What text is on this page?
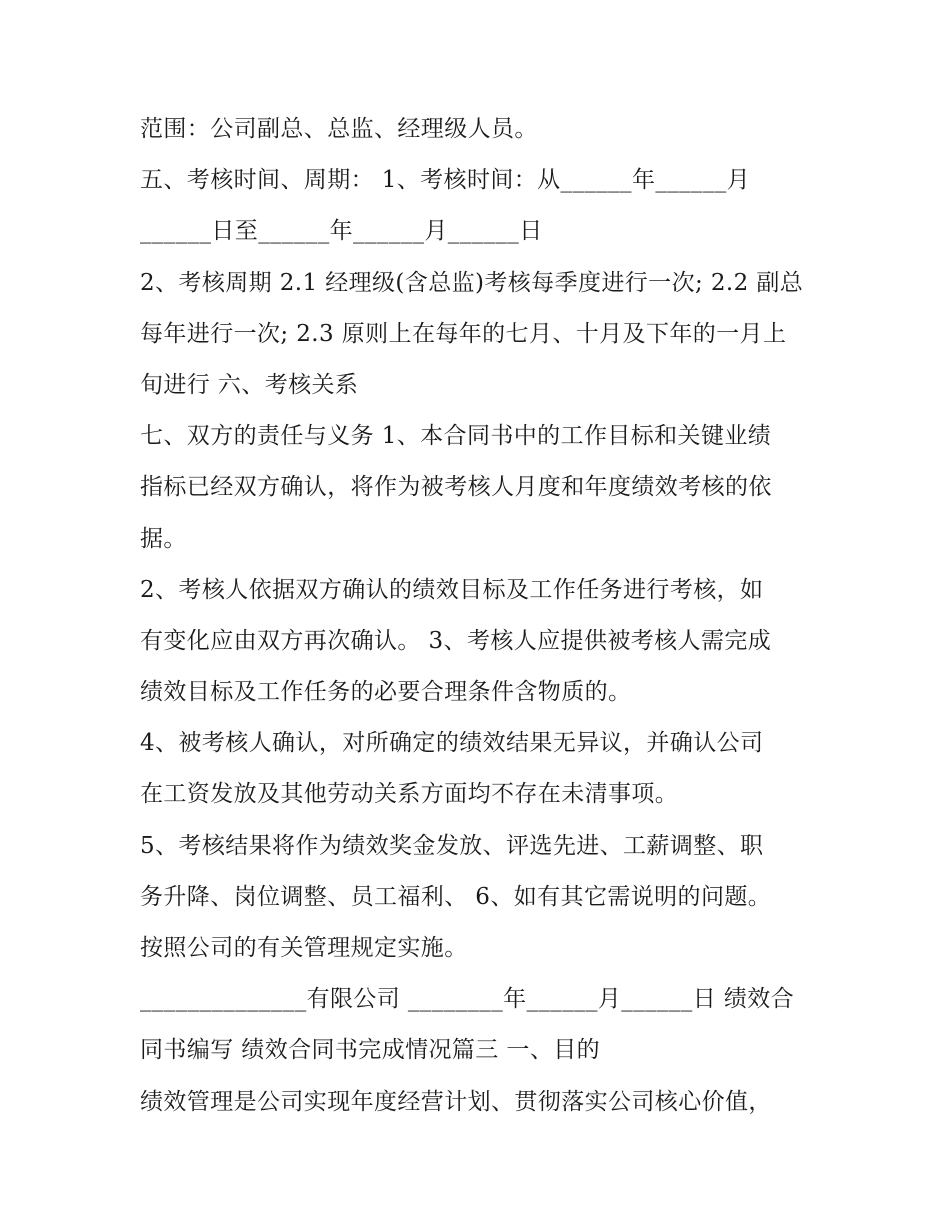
范围：公司副总、总监、经理级人员。
五、考核时间、周期： 1、考核时间：从______年______月
______日至______年______月______日
2、考核周期 2.1 经理级(含总监)考核每季度进行一次; 2.2 副总
每年进行一次; 2.3 原则上在每年的七月、十月及下年的一月上
旬进行 六、考核关系
七、双方的责任与义务 1、本合同书中的工作目标和关键业绩
指标已经双方确认，将作为被考核人月度和年度绩效考核的依
据。
2、考核人依据双方确认的绩效目标及工作任务进行考核，如
有变化应由双方再次确认。 3、考核人应提供被考核人需完成
绩效目标及工作任务的必要合理条件含物质的。
4、被考核人确认，对所确定的绩效结果无异议，并确认公司
在工资发放及其他劳动关系方面均不存在未清事项。
5、考核结果将作为绩效奖金发放、评选先进、工薪调整、职
务升降、岗位调整、员工福利、 6、如有其它需说明的问题。
按照公司的有关管理规定实施。
______________有限公司 ________年______月______日 绩效合
同书编写 绩效合同书完成情况篇三 一、目的
绩效管理是公司实现年度经营计划、贯彻落实公司核心价值，
